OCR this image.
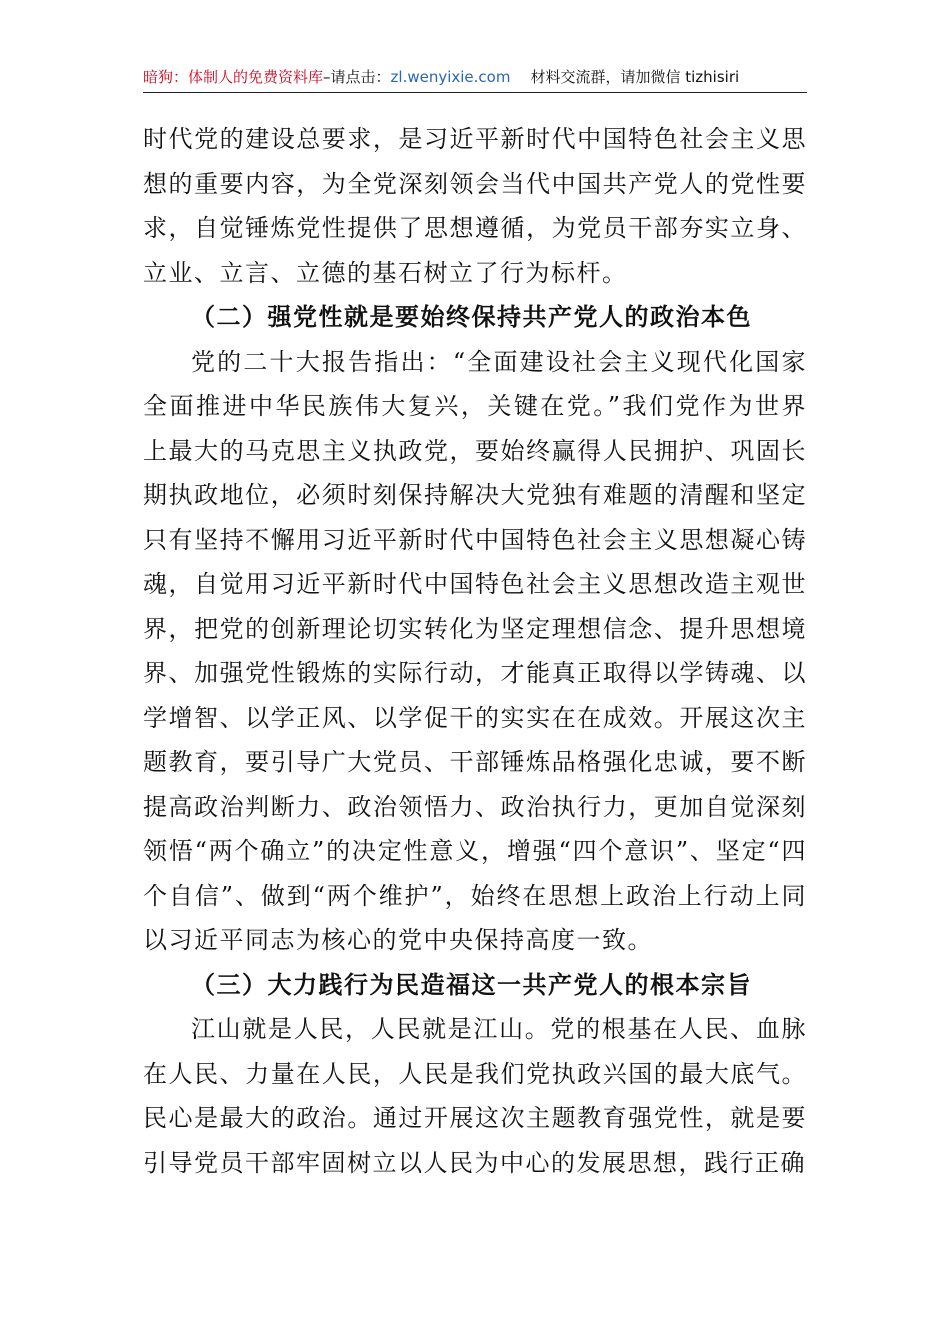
暗狗：体制人的免费资料库–请点击：zl.wenyixie.com 材料交流群，请加微信 tizhisiri

时代党的建设总要求，是习近平新时代中国特色社会主义思想的重要内容，为全党深刻领会当代中国共产党人的党性要求，自觉锤炼党性提供了思想遵循，为党员干部夯实立身、立业、立言、立德的基石树立了行为标杆。

（二）强党性就是要始终保持共产党人的政治本色

党的二十大报告指出：“全面建设社会主义现代化国家全面推进中华民族伟大复兴，关键在党。”我们党作为世界上最大的马克思主义执政党，要始终赢得人民拥护、巩固长期执政地位，必须时刻保持解决大党独有难题的清醒和坚定只有坚持不懈用习近平新时代中国特色社会主义思想凝心铸魂，自觉用习近平新时代中国特色社会主义思想改造主观世界，把党的创新理论切实转化为坚定理想信念、提升思想境界、加强党性锻炼的实际行动，才能真正取得以学铸魂、以学增智、以学正风、以学促干的实实在在成效。开展这次主题教育，要引导广大党员、干部锤炼品格强化忠诚，要不断提高政治判断力、政治领悟力、政治执行力，更加自觉深刻领悟“两个确立”的决定性意义，增强“四个意识”、坚定“四个自信”、做到“两个维护”，始终在思想上政治上行动上同以习近平同志为核心的党中央保持高度一致。

（三）大力践行为民造福这一共产党人的根本宗旨

江山就是人民，人民就是江山。党的根基在人民、血脉在人民、力量在人民，人民是我们党执政兴国的最大底气。民心是最大的政治。通过开展这次主题教育强党性，就是要引导党员干部牢固树立以人民为中心的发展思想，践行正确
